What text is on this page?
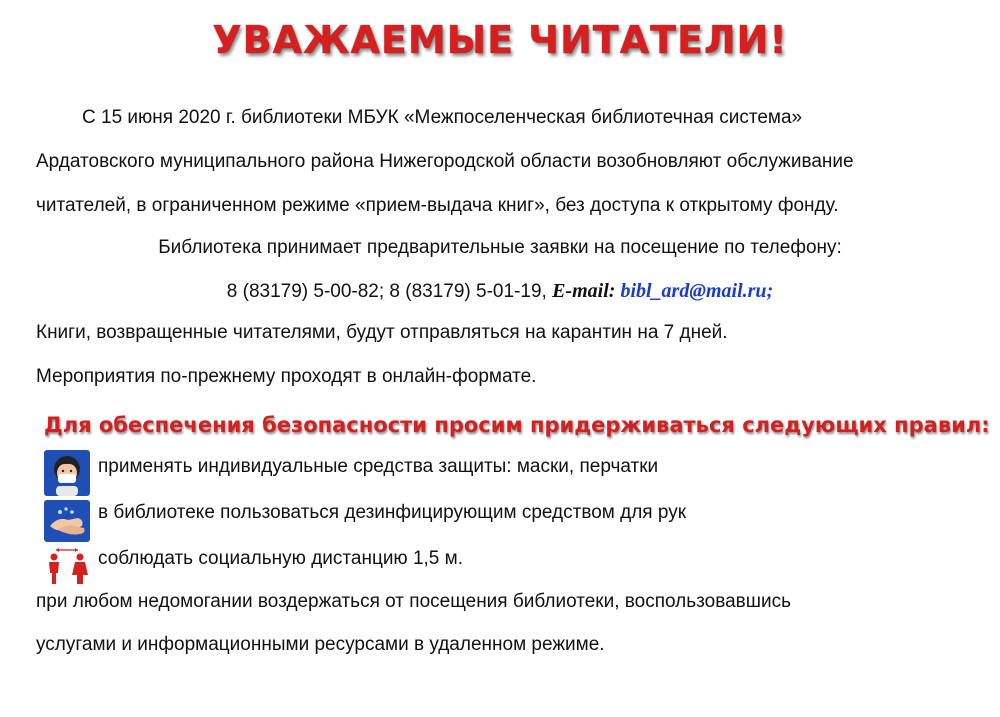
УВАЖАЕМЫЕ ЧИТАТЕЛИ!
С 15 июня 2020 г. библиотеки МБУК «Межпоселенческая библиотечная система»
Ардатовского муниципального района Нижегородской области возобновляют обслуживание
читателей, в ограниченном режиме «прием-выдача книг», без доступа к открытому фонду.
Библиотека принимает предварительные заявки на посещение по телефону:
8 (83179) 5-00-82; 8 (83179) 5-01-19, E-mail: bibl_ard@mail.ru;
Книги, возвращенные читателями, будут отправляться на карантин на 7 дней.
Мероприятия по-прежнему проходят в онлайн-формате.
Для обеспечения безопасности просим придерживаться следующих правил:
применять индивидуальные средства защиты: маски, перчатки
в библиотеке пользоваться дезинфицирующим средством для рук
соблюдать социальную дистанцию 1,5 м.
при любом недомогании воздержаться от посещения библиотеки, воспользовавшись
услугами и информационными ресурсами в удаленном режиме.
